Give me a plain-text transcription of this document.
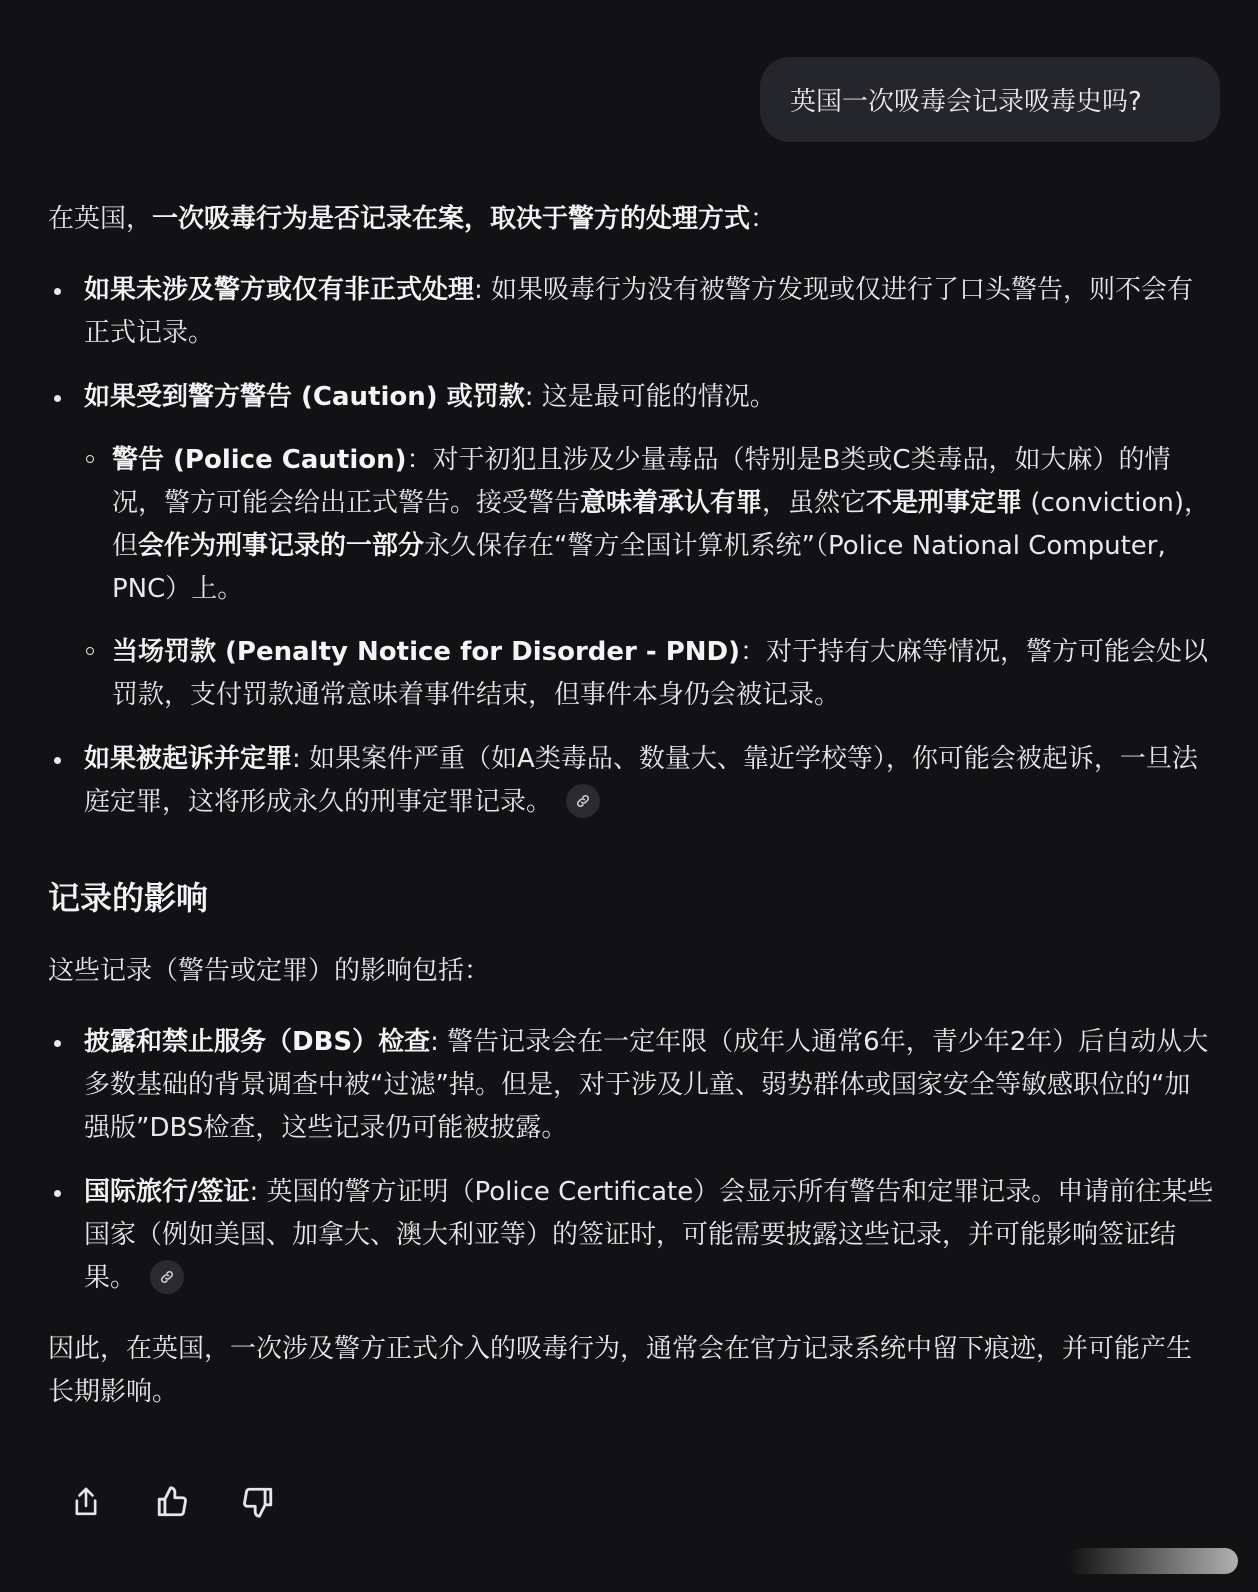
英国一次吸毒会记录吸毒史吗?

在英国，一次吸毒行为是否记录在案，取决于警方的处理方式：

如果未涉及警方或仅有非正式处理: 如果吸毒行为没有被警方发现或仅进行了口头警告，则不会有正式记录。
如果受到警方警告 (Caution) 或罚款: 这是最可能的情况。
警告 (Police Caution)：对于初犯且涉及少量毒品（特别是B类或C类毒品，如大麻）的情况，警方可能会给出正式警告。接受警告意味着承认有罪，虽然它不是刑事定罪 (conviction)，但会作为刑事记录的一部分永久保存在“警方全国计算机系统”（Police National Computer, PNC）上。
当场罚款 (Penalty Notice for Disorder - PND)：对于持有大麻等情况，警方可能会处以罚款，支付罚款通常意味着事件结束，但事件本身仍会被记录。
如果被起诉并定罪: 如果案件严重（如A类毒品、数量大、靠近学校等），你可能会被起诉，一旦法庭定罪，这将形成永久的刑事定罪记录。
记录的影响

这些记录（警告或定罪）的影响包括：

披露和禁止服务（DBS）检查: 警告记录会在一定年限（成年人通常6年，青少年2年）后自动从大多数基础的背景调查中被“过滤”掉。但是，对于涉及儿童、弱势群体或国家安全等敏感职位的“加强版”DBS检查，这些记录仍可能被披露。
国际旅行/签证: 英国的警方证明（Police Certificate）会显示所有警告和定罪记录。申请前往某些国家（例如美国、加拿大、澳大利亚等）的签证时，可能需要披露这些记录，并可能影响签证结果。

因此，在英国，一次涉及警方正式介入的吸毒行为，通常会在官方记录系统中留下痕迹，并可能产生长期影响。
